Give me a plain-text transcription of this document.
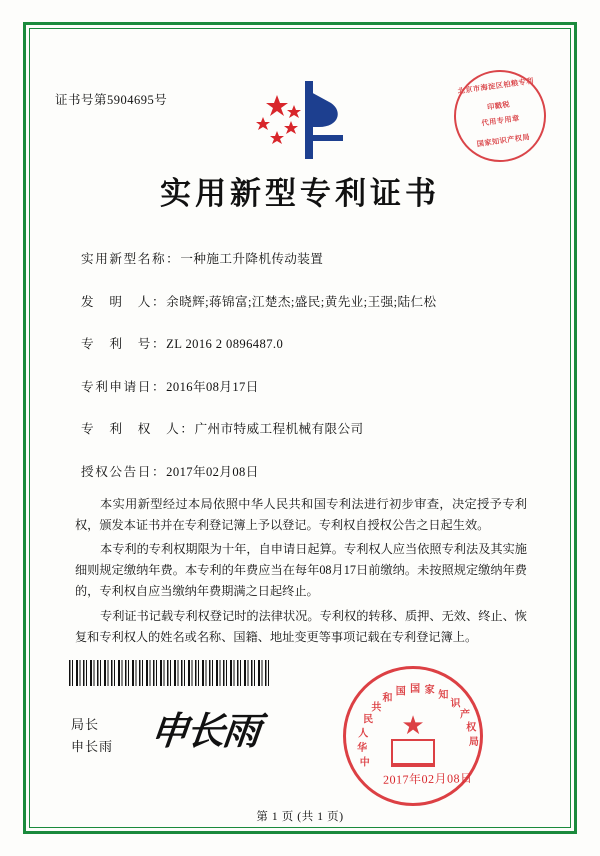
证书号第5904695号
北京市海淀区柏粮专利
印戳税
代用专用章
国家知识产权局
实用新型专利证书
实用新型名称：一种施工升降机传动装置
发　明　人：余晓辉;蒋锦富;江楚杰;盛民;黄先业;王强;陆仁松
专　利　号：ZL 2016 2 0896487.0
专利申请日：2016年08月17日
专　利　权　人：广州市特威工程机械有限公司
授权公告日：2017年02月08日
本实用新型经过本局依照中华人民共和国专利法进行初步审查，决定授予专利权，颁发本证书并在专利登记簿上予以登记。专利权自授权公告之日起生效。
本专利的专利权期限为十年，自申请日起算。专利权人应当依照专利法及其实施细则规定缴纳年费。本专利的年费应当在每年08月17日前缴纳。未按照规定缴纳年费的，专利权自应当缴纳年费期满之日起终止。
专利证书记载专利权登记时的法律状况。专利权的转移、质押、无效、终止、恢复和专利权人的姓名或名称、国籍、地址变更等事项记载在专利登记簿上。
局长
申长雨 申长雨
中
华
人
民
共
和
国 国 家 知
识
产
权
局
★
2017年02月08日
第 1 页 (共 1 页)
